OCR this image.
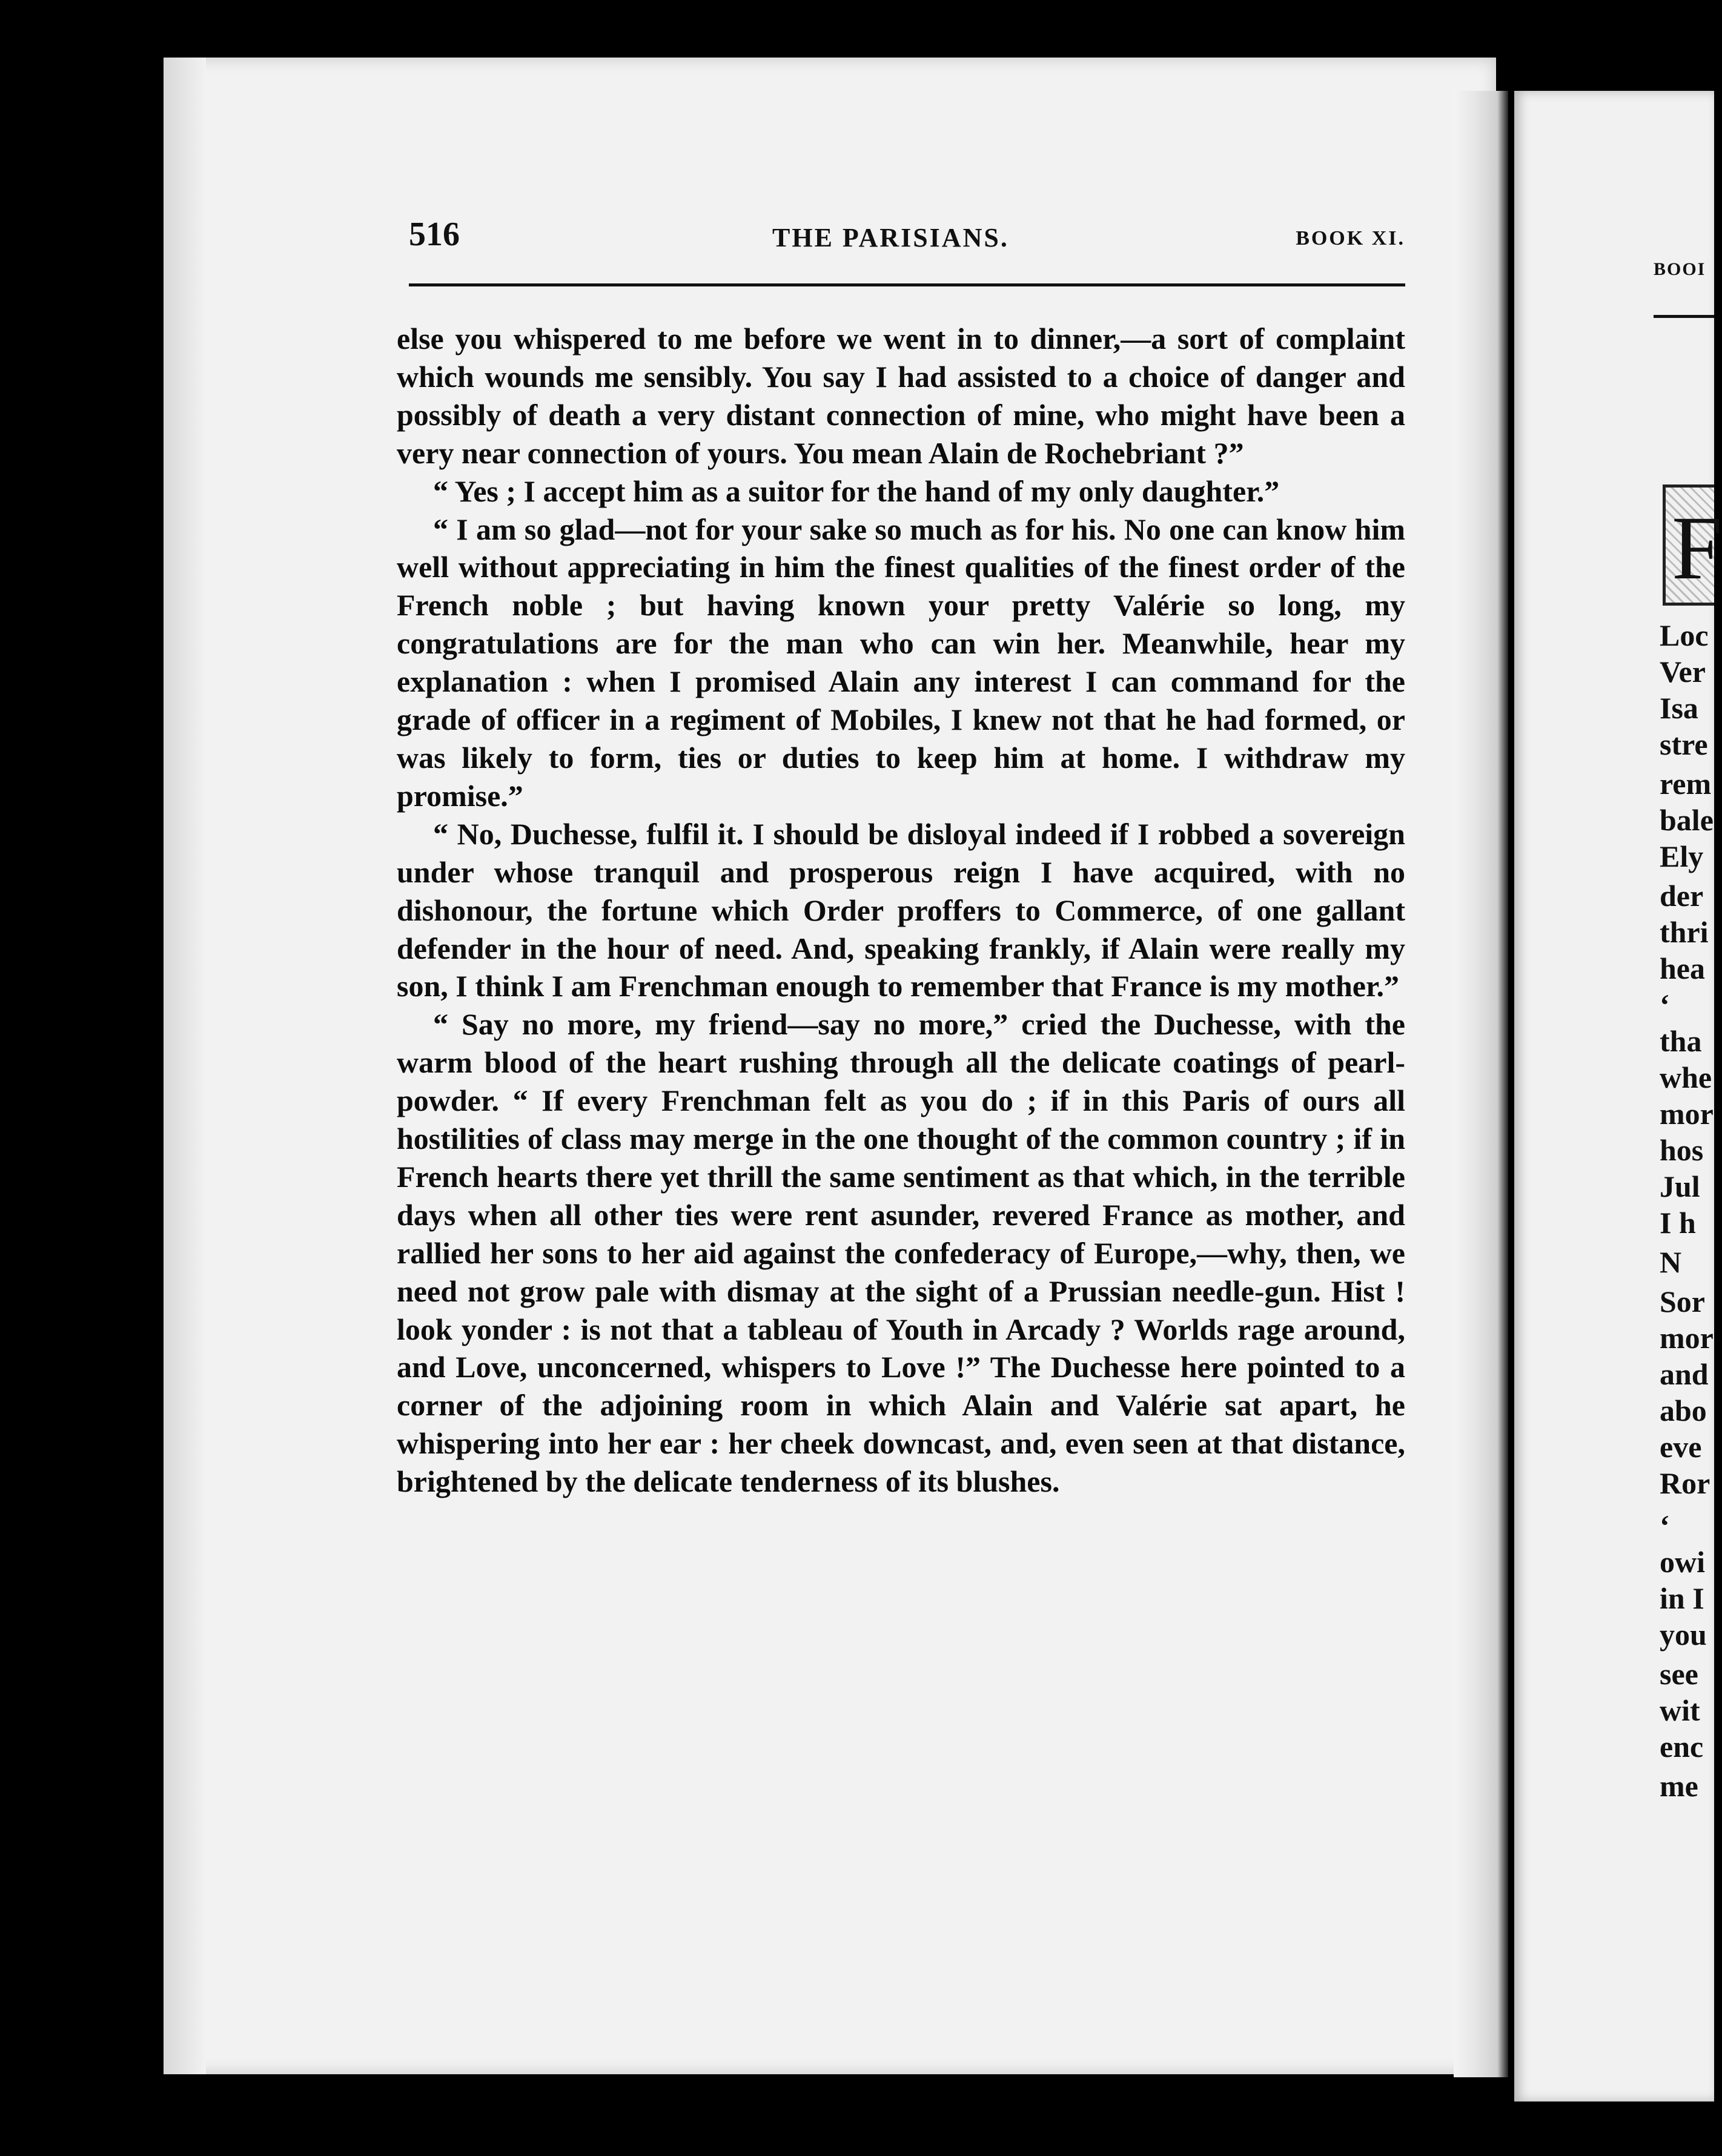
516	THE PARISIANS.	BOOK XI.

else you whispered to me before we went in to dinner,—a sort of complaint which wounds me sensibly. You say I had assisted to a choice of danger and possibly of death a very distant connection of mine, who might have been a very near connection of yours. You mean Alain de Rochebriant ?”

“ Yes ; I accept him as a suitor for the hand of my only daughter.”

“ I am so glad—not for your sake so much as for his. No one can know him well without appreciating in him the finest qualities of the finest order of the French noble ; but having known your pretty Valérie so long, my congratulations are for the man who can win her. Meanwhile, hear my explanation : when I promised Alain any interest I can command for the grade of officer in a regiment of Mobiles, I knew not that he had formed, or was likely to form, ties or duties to keep him at home. I withdraw my promise.”

“ No, Duchesse, fulfil it. I should be disloyal indeed if I robbed a sovereign under whose tranquil and prosperous reign I have acquired, with no dishonour, the fortune which Order proffers to Commerce, of one gallant defender in the hour of need. And, speaking frankly, if Alain were really my son, I think I am Frenchman enough to remember that France is my mother.”

“ Say no more, my friend—say no more,” cried the Duchesse, with the warm blood of the heart rushing through all the delicate coatings of pearl-powder. “ If every Frenchman felt as you do ; if in this Paris of ours all hostilities of class may merge in the one thought of the common country ; if in French hearts there yet thrill the same sentiment as that which, in the terrible days when all other ties were rent asunder, revered France as mother, and rallied her sons to her aid against the confederacy of Europe,—why, then, we need not grow pale with dismay at the sight of a Prussian needle-gun. Hist ! look yonder : is not that a tableau of Youth in Arcady ? Worlds rage around, and Love, unconcerned, whispers to Love !” The Duchesse here pointed to a corner of the adjoining room in which Alain and Valérie sat apart, he whispering into her ear : her cheek downcast, and, even seen at that distance, brightened by the delicate tenderness of its blushes.

BOOI
F
Loc
Ver
Isa
stre
rem
bale
Ely
der
thri
hea
‘
tha
whe
mor
hos
Jul
I h
N
Sor
mor
and
abo
eve
Ror
‘
owi
in I
you
see
wit
enc
me
